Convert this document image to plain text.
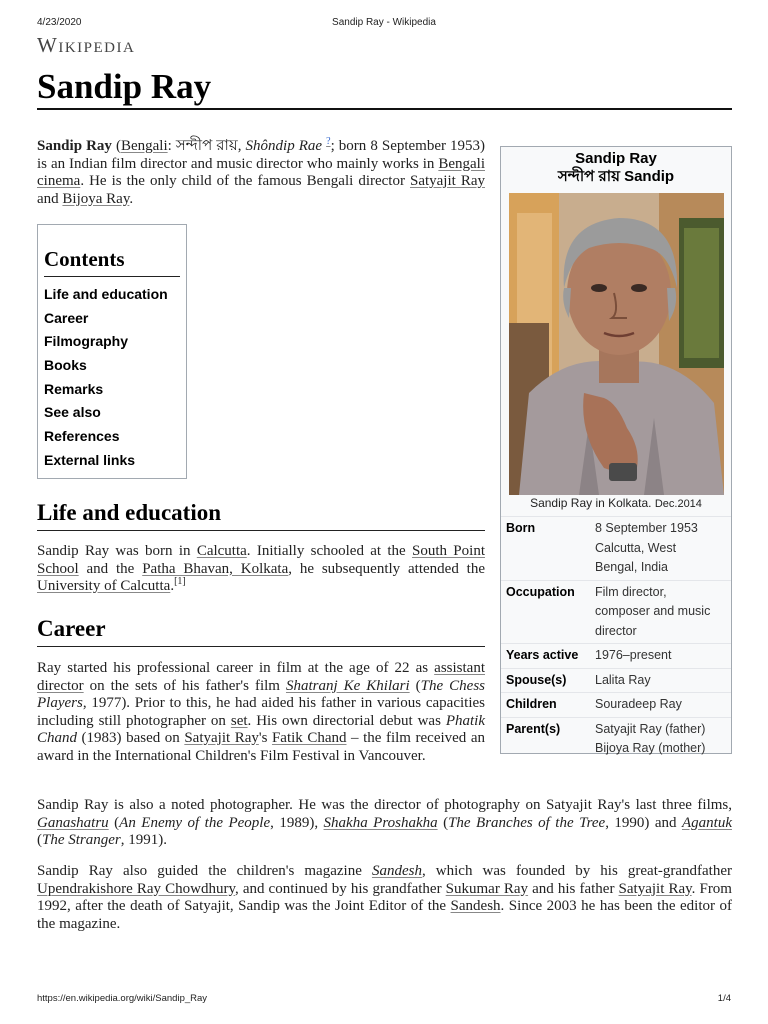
4/23/2020	Sandip Ray - Wikipedia
Wikipedia
Sandip Ray

Sandip Ray (Bengali: সন্দীপ রায়, Shôndip Rae ?; born 8 September 1953) is an Indian film director and music director who mainly works in Bengali cinema. He is the only child of the famous Bengali director Satyajit Ray and Bijoya Ray.

Contents
Life and education
Career
Filmography
Books
Remarks
See also
References
External links
Sandip Ray
সন্দীপ রায় Sandip
Sandip Ray in Kolkata. Dec.2014
Born	8 September 1953
Calcutta, West
Bengal, India
Occupation	Film director,
composer and music
director
Years active	1976–present
Spouse(s)	Lalita Ray
Children	Souradeep Ray
Parent(s)	Satyajit Ray (father)
Bijoya Ray (mother)
Life and education

Sandip Ray was born in Calcutta. Initially schooled at the South Point School and the Patha Bhavan, Kolkata, he subsequently attended the University of Calcutta.[1]

Career

Ray started his professional career in film at the age of 22 as assistant director on the sets of his father's film Shatranj Ke Khilari (The Chess Players, 1977). Prior to this, he had aided his father in various capacities including still photographer on set. His own directorial debut was Phatik Chand (1983) based on Satyajit Ray's Fatik Chand – the film received an award in the International Children's Film Festival in Vancouver.

Sandip Ray is also a noted photographer. He was the director of photography on Satyajit Ray's last three films, Ganashatru (An Enemy of the People, 1989), Shakha Proshakha (The Branches of the Tree, 1990) and Agantuk (The Stranger, 1991).

Sandip Ray also guided the children's magazine Sandesh, which was founded by his great-grandfather Upendrakishore Ray Chowdhury, and continued by his grandfather Sukumar Ray and his father Satyajit Ray. From 1992, after the death of Satyajit, Sandip was the Joint Editor of the Sandesh. Since 2003 he has been the editor of the magazine.

https://en.wikipedia.org/wiki/Sandip_Ray	1/4
